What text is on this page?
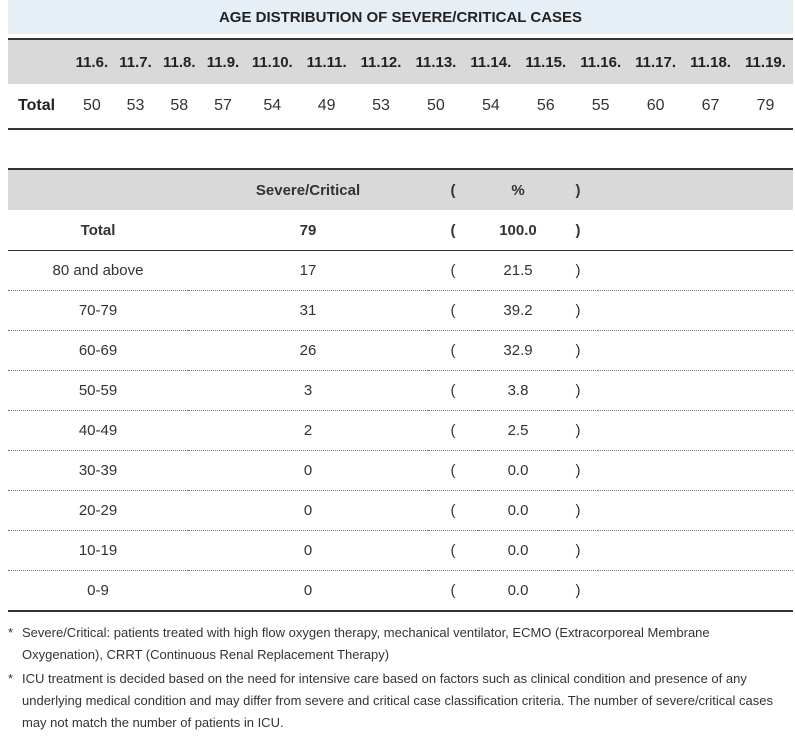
AGE DISTRIBUTION OF SEVERE/CRITICAL CASES
	11.6.	11.7.	11.8.	11.9.	11.10.	11.11.	11.12.	11.13.	11.14.	11.15.	11.16.	11.17.	11.18.	11.19.
Total	50	53	58	57	54	49	53	50	54	56	55	60	67	79
	Severe/Critical	(	%	)	
Total	79	(	100.0	)	
80 and above	17	(	21.5	)	
70-79	31	(	39.2	)	
60-69	26	(	32.9	)	
50-59	3	(	3.8	)	
40-49	2	(	2.5	)	
30-39	0	(	0.0	)	
20-29	0	(	0.0	)	
10-19	0	(	0.0	)	
0-9	0	(	0.0	)	
* Severe/Critical: patients treated with high flow oxygen therapy, mechanical ventilator, ECMO (Extracorporeal Membrane Oxygenation), CRRT (Continuous Renal Replacement Therapy)
* ICU treatment is decided based on the need for intensive care based on factors such as clinical condition and presence of any underlying medical condition and may differ from severe and critical case classification criteria. The number of severe/critical cases may not match the number of patients in ICU.
